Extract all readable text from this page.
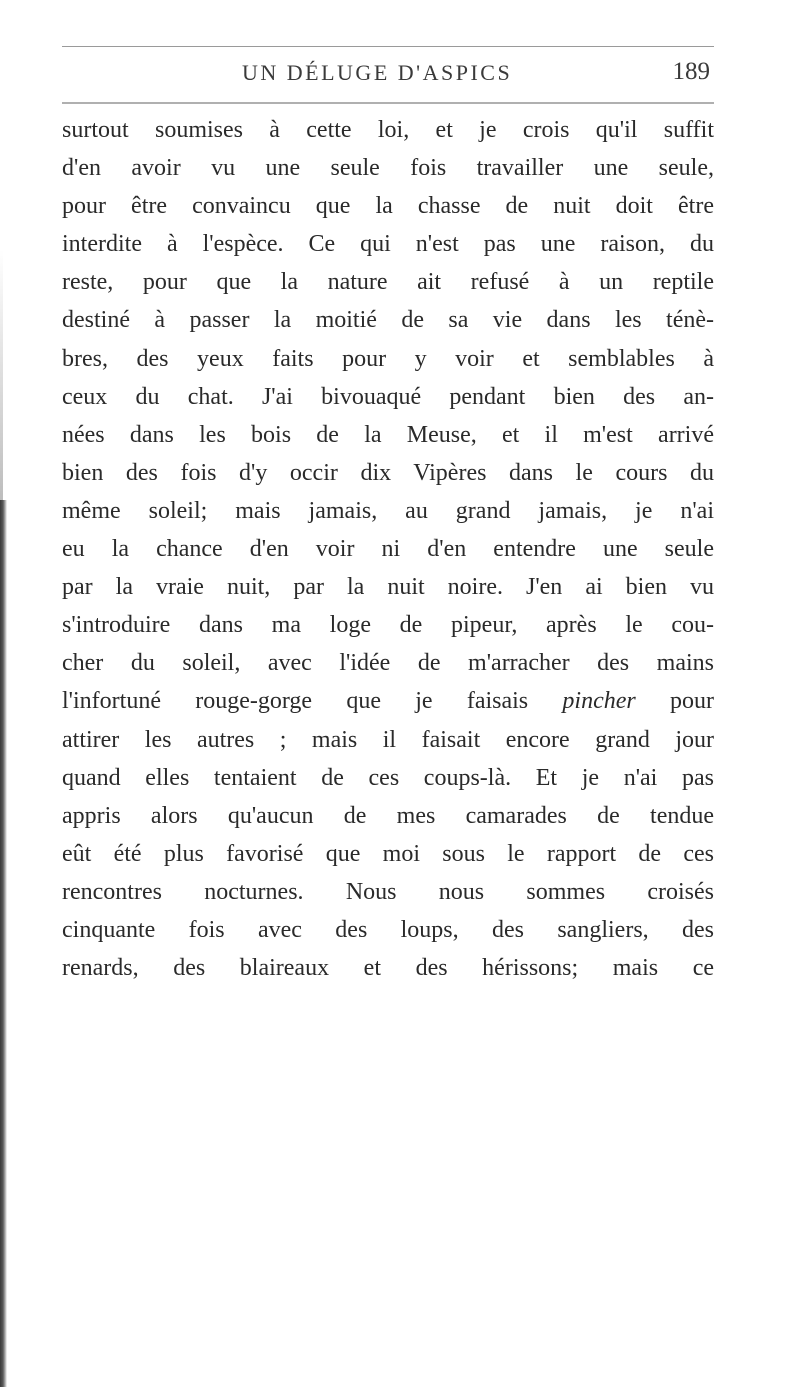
UN DÉLUGE D'ASPICS	189
surtout soumises à cette loi, et je crois qu'il suffit
d'en avoir vu une seule fois travailler une seule,
pour être convaincu que la chasse de nuit doit être
interdite à l'espèce. Ce qui n'est pas une raison, du
reste, pour que la nature ait refusé à un reptile
destiné à passer la moitié de sa vie dans les ténè-
bres, des yeux faits pour y voir et semblables à
ceux du chat. J'ai bivouaqué pendant bien des an-
nées dans les bois de la Meuse, et il m'est arrivé
bien des fois d'y occir dix Vipères dans le cours du
même soleil; mais jamais, au grand jamais, je n'ai
eu la chance d'en voir ni d'en entendre une seule
par la vraie nuit, par la nuit noire. J'en ai bien vu
s'introduire dans ma loge de pipeur, après le cou-
cher du soleil, avec l'idée de m'arracher des mains
l'infortuné rouge-gorge que je faisais pincher pour
attirer les autres ; mais il faisait encore grand jour
quand elles tentaient de ces coups-là. Et je n'ai pas
appris alors qu'aucun de mes camarades de tendue
eût été plus favorisé que moi sous le rapport de ces
rencontres nocturnes. Nous nous sommes croisés
cinquante fois avec des loups, des sangliers, des
renards, des blaireaux et des hérissons; mais ce
